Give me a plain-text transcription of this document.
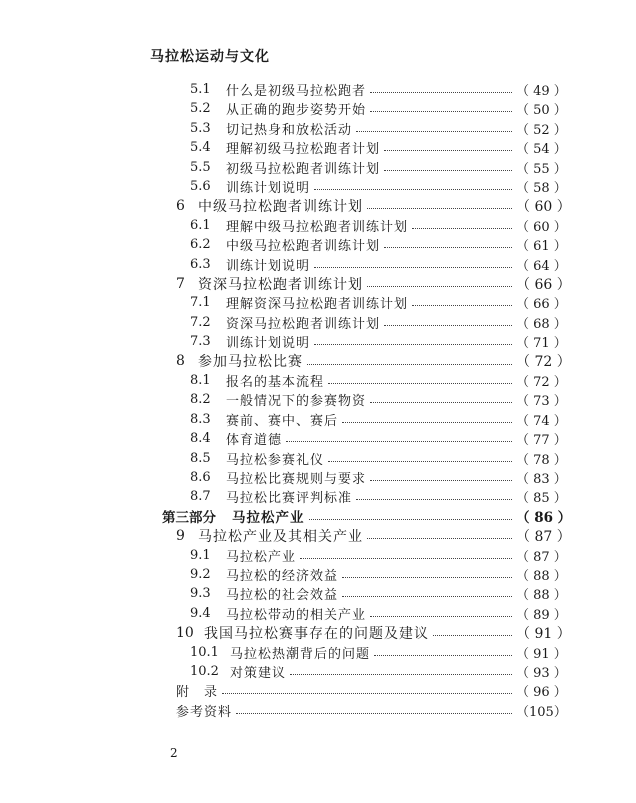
马拉松运动与文化
5.1	什么是初级马拉松跑者	（ 49 ）
5.2	从正确的跑步姿势开始	（ 50 ）
5.3	切记热身和放松活动	（ 52 ）
5.4	理解初级马拉松跑者计划	（ 54 ）
5.5	初级马拉松跑者训练计划	（ 55 ）
5.6	训练计划说明	（ 58 ）
6 中级马拉松跑者训练计划	（ 60 ）
6.1	理解中级马拉松跑者训练计划	（ 60 ）
6.2	中级马拉松跑者训练计划	（ 61 ）
6.3	训练计划说明	（ 64 ）
7 资深马拉松跑者训练计划	（ 66 ）
7.1	理解资深马拉松跑者训练计划	（ 66 ）
7.2	资深马拉松跑者训练计划	（ 68 ）
7.3	训练计划说明	（ 71 ）
8 参加马拉松比赛	（ 72 ）
8.1	报名的基本流程	（ 72 ）
8.2	一般情况下的参赛物资	（ 73 ）
8.3	赛前、赛中、赛后	（ 74 ）
8.4	体育道德	（ 77 ）
8.5	马拉松参赛礼仪	（ 78 ）
8.6	马拉松比赛规则与要求	（ 83 ）
8.7	马拉松比赛评判标准	（ 85 ）
第三部分	马拉松产业	（ 86 ）
9 马拉松产业及其相关产业	（ 87 ）
9.1	马拉松产业	（ 87 ）
9.2	马拉松的经济效益	（ 88 ）
9.3	马拉松的社会效益	（ 88 ）
9.4	马拉松带动的相关产业	（ 89 ）
10 我国马拉松赛事存在的问题及建议	（ 91 ）
10.1 马拉松热潮背后的问题	（ 91 ）
10.2 对策建议	（ 93 ）
附　录	（ 96 ）
参考资料	（105）
2
